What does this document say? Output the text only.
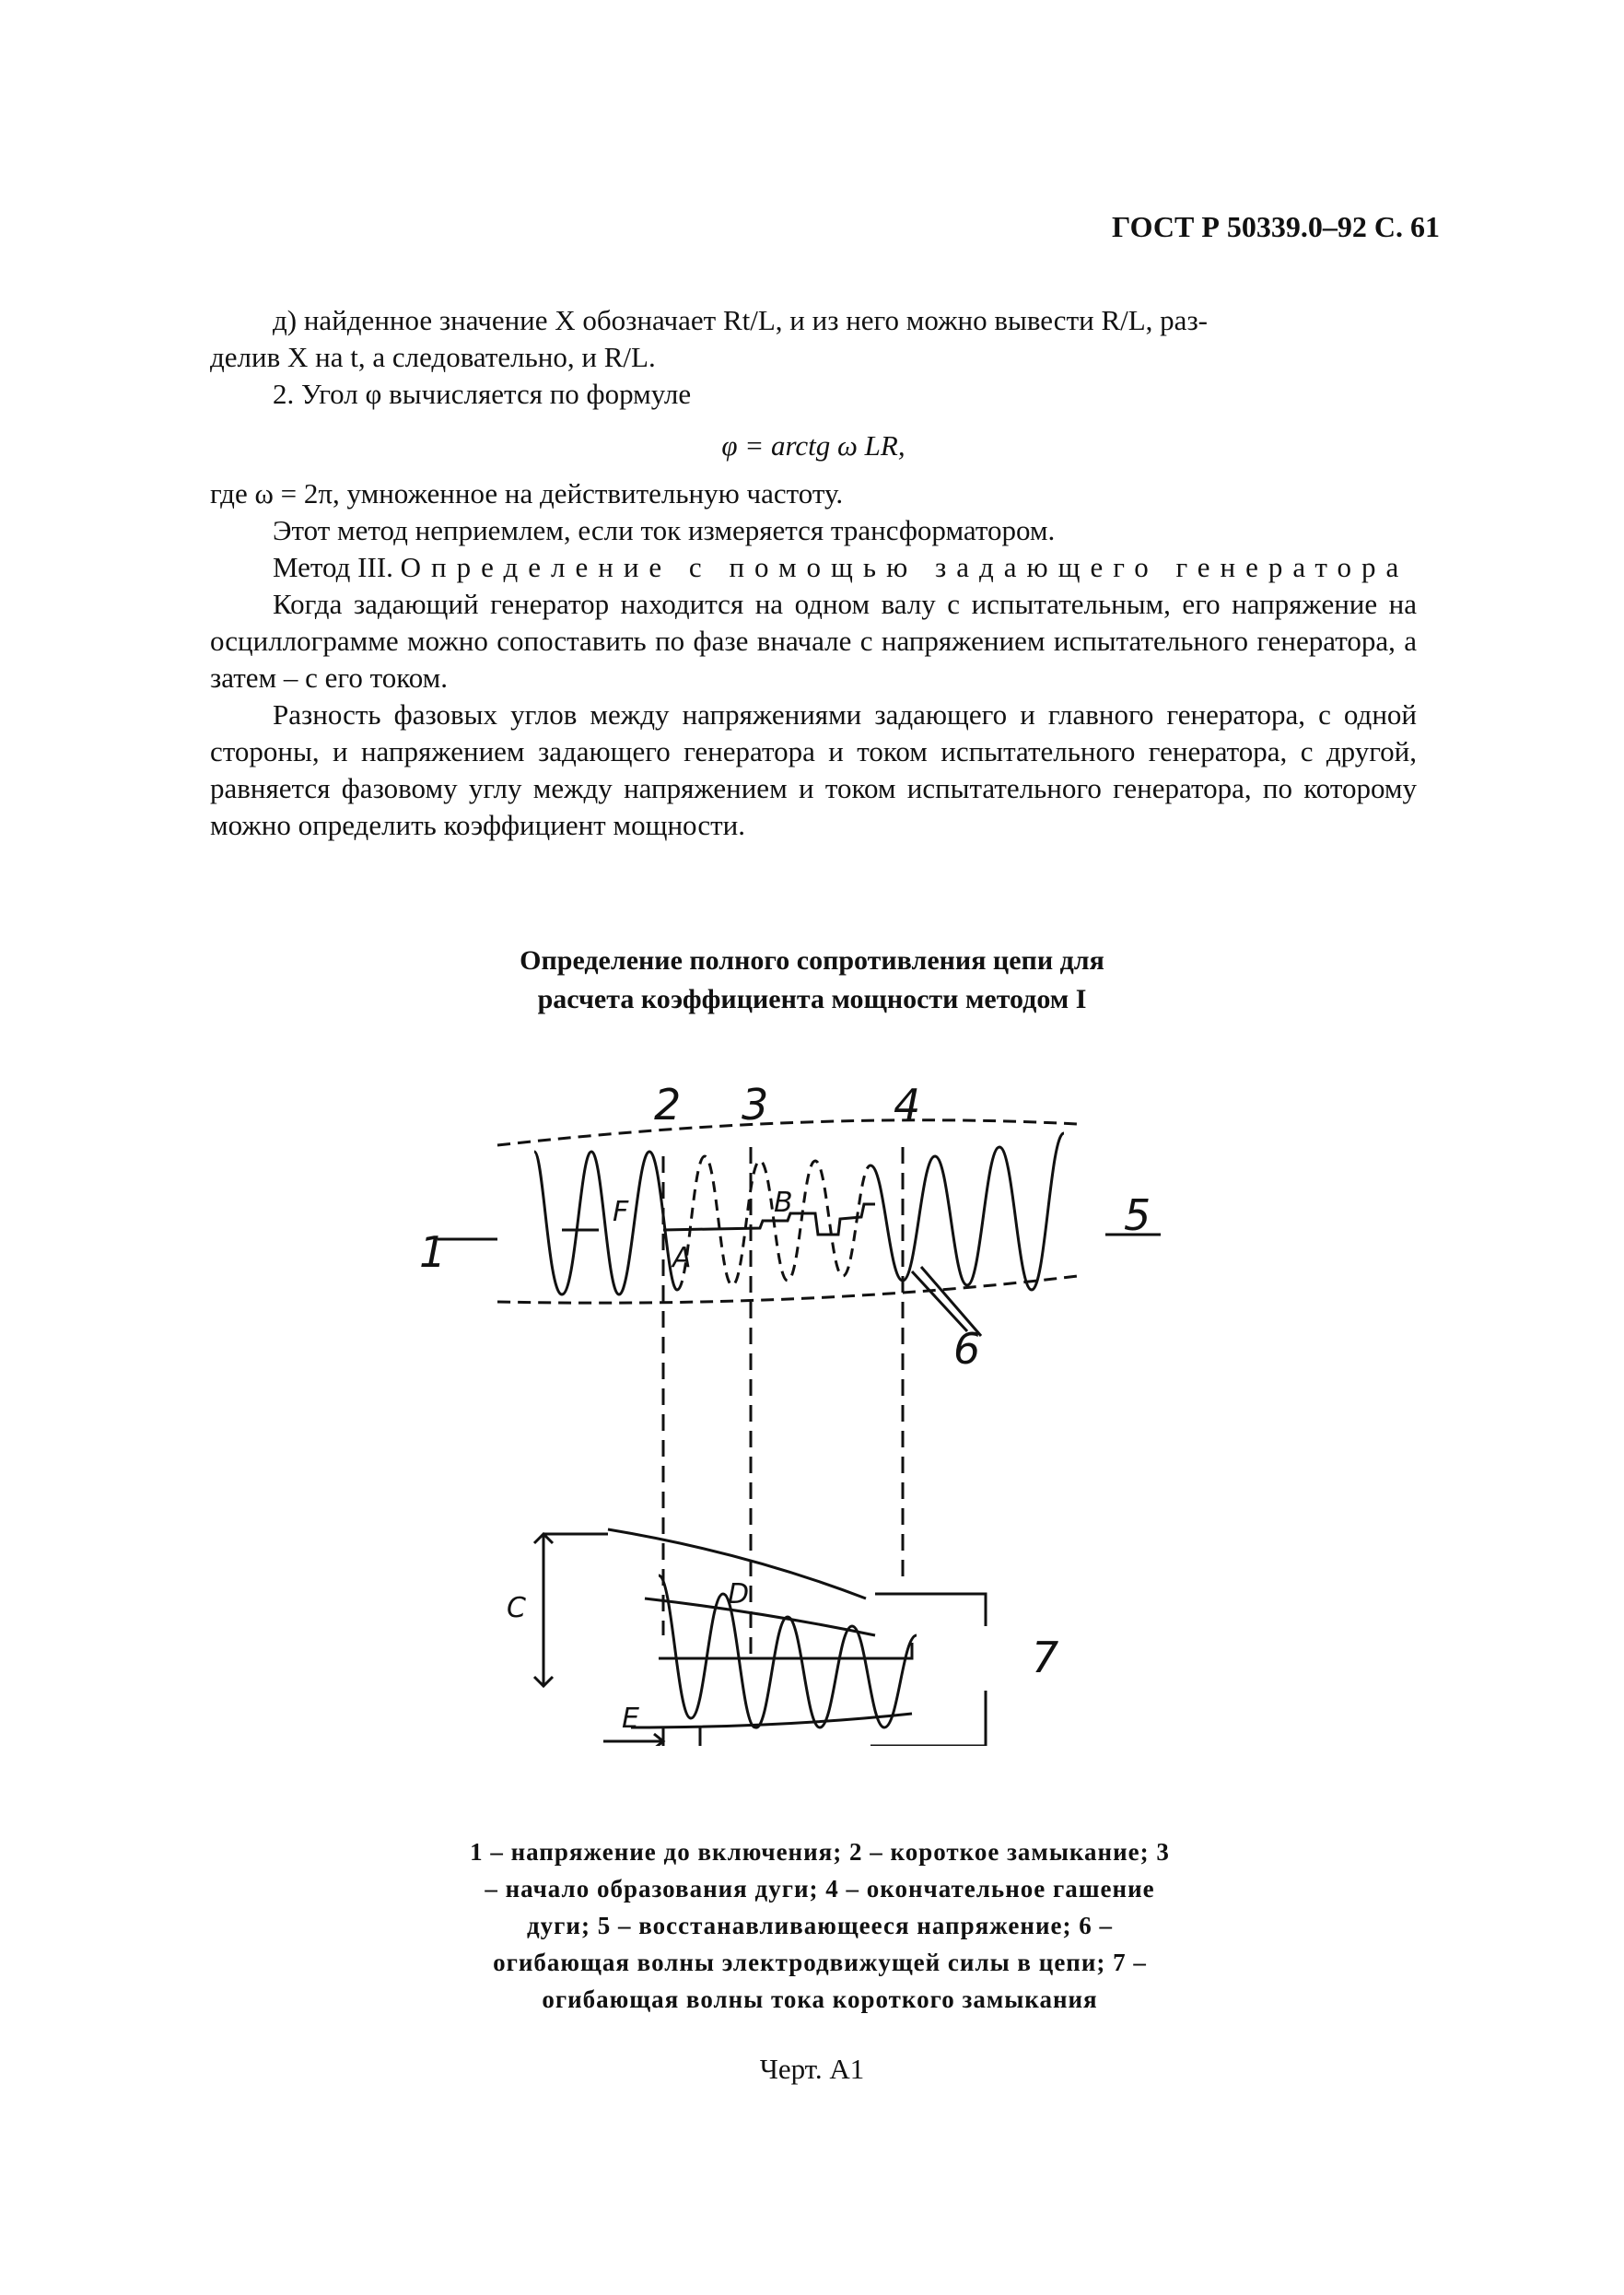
ГОСТ Р 50339.0–92 С. 61

д) найденное значение X обозначает Rt/L, и из него можно вывести R/L, раз-

делив X на t, а следовательно, и R/L.

2. Угол φ вычисляется по формуле

φ = arctg ω LR,

где ω = 2π, умноженное на действительную частоту.

Этот метод неприемлем, если ток измеряется трансформатором.

Метод III. Определение с помощью задающего генератора

Когда задающий генератор находится на одном валу с испытательным, его напряжение на осциллограмме можно сопоставить по фазе вначале с напряжением испытательного генератора, а затем – с его током.

Разность фазовых углов между напряжениями задающего и главного генератора, с одной стороны, и напряжением задающего генератора и током испытательного генератора, с другой, равняется фазовому углу между напряжением и током испытательного генератора, по которому можно определить коэффициент мощности.

Определение полного сопротивления цепи для
расчета коэффициента мощности методом I
1
2 3	4
5
6
7
A
B
F
C	D
E
1 – напряжение до включения; 2 – короткое замыкание; 3 – начало образования дуги; 4 – окончательное гашение дуги; 5 – восстанавливающееся напряжение; 6 – огибающая волны электродвижущей силы в цепи; 7 – огибающая волны тока короткого замыкания
Черт. А1
